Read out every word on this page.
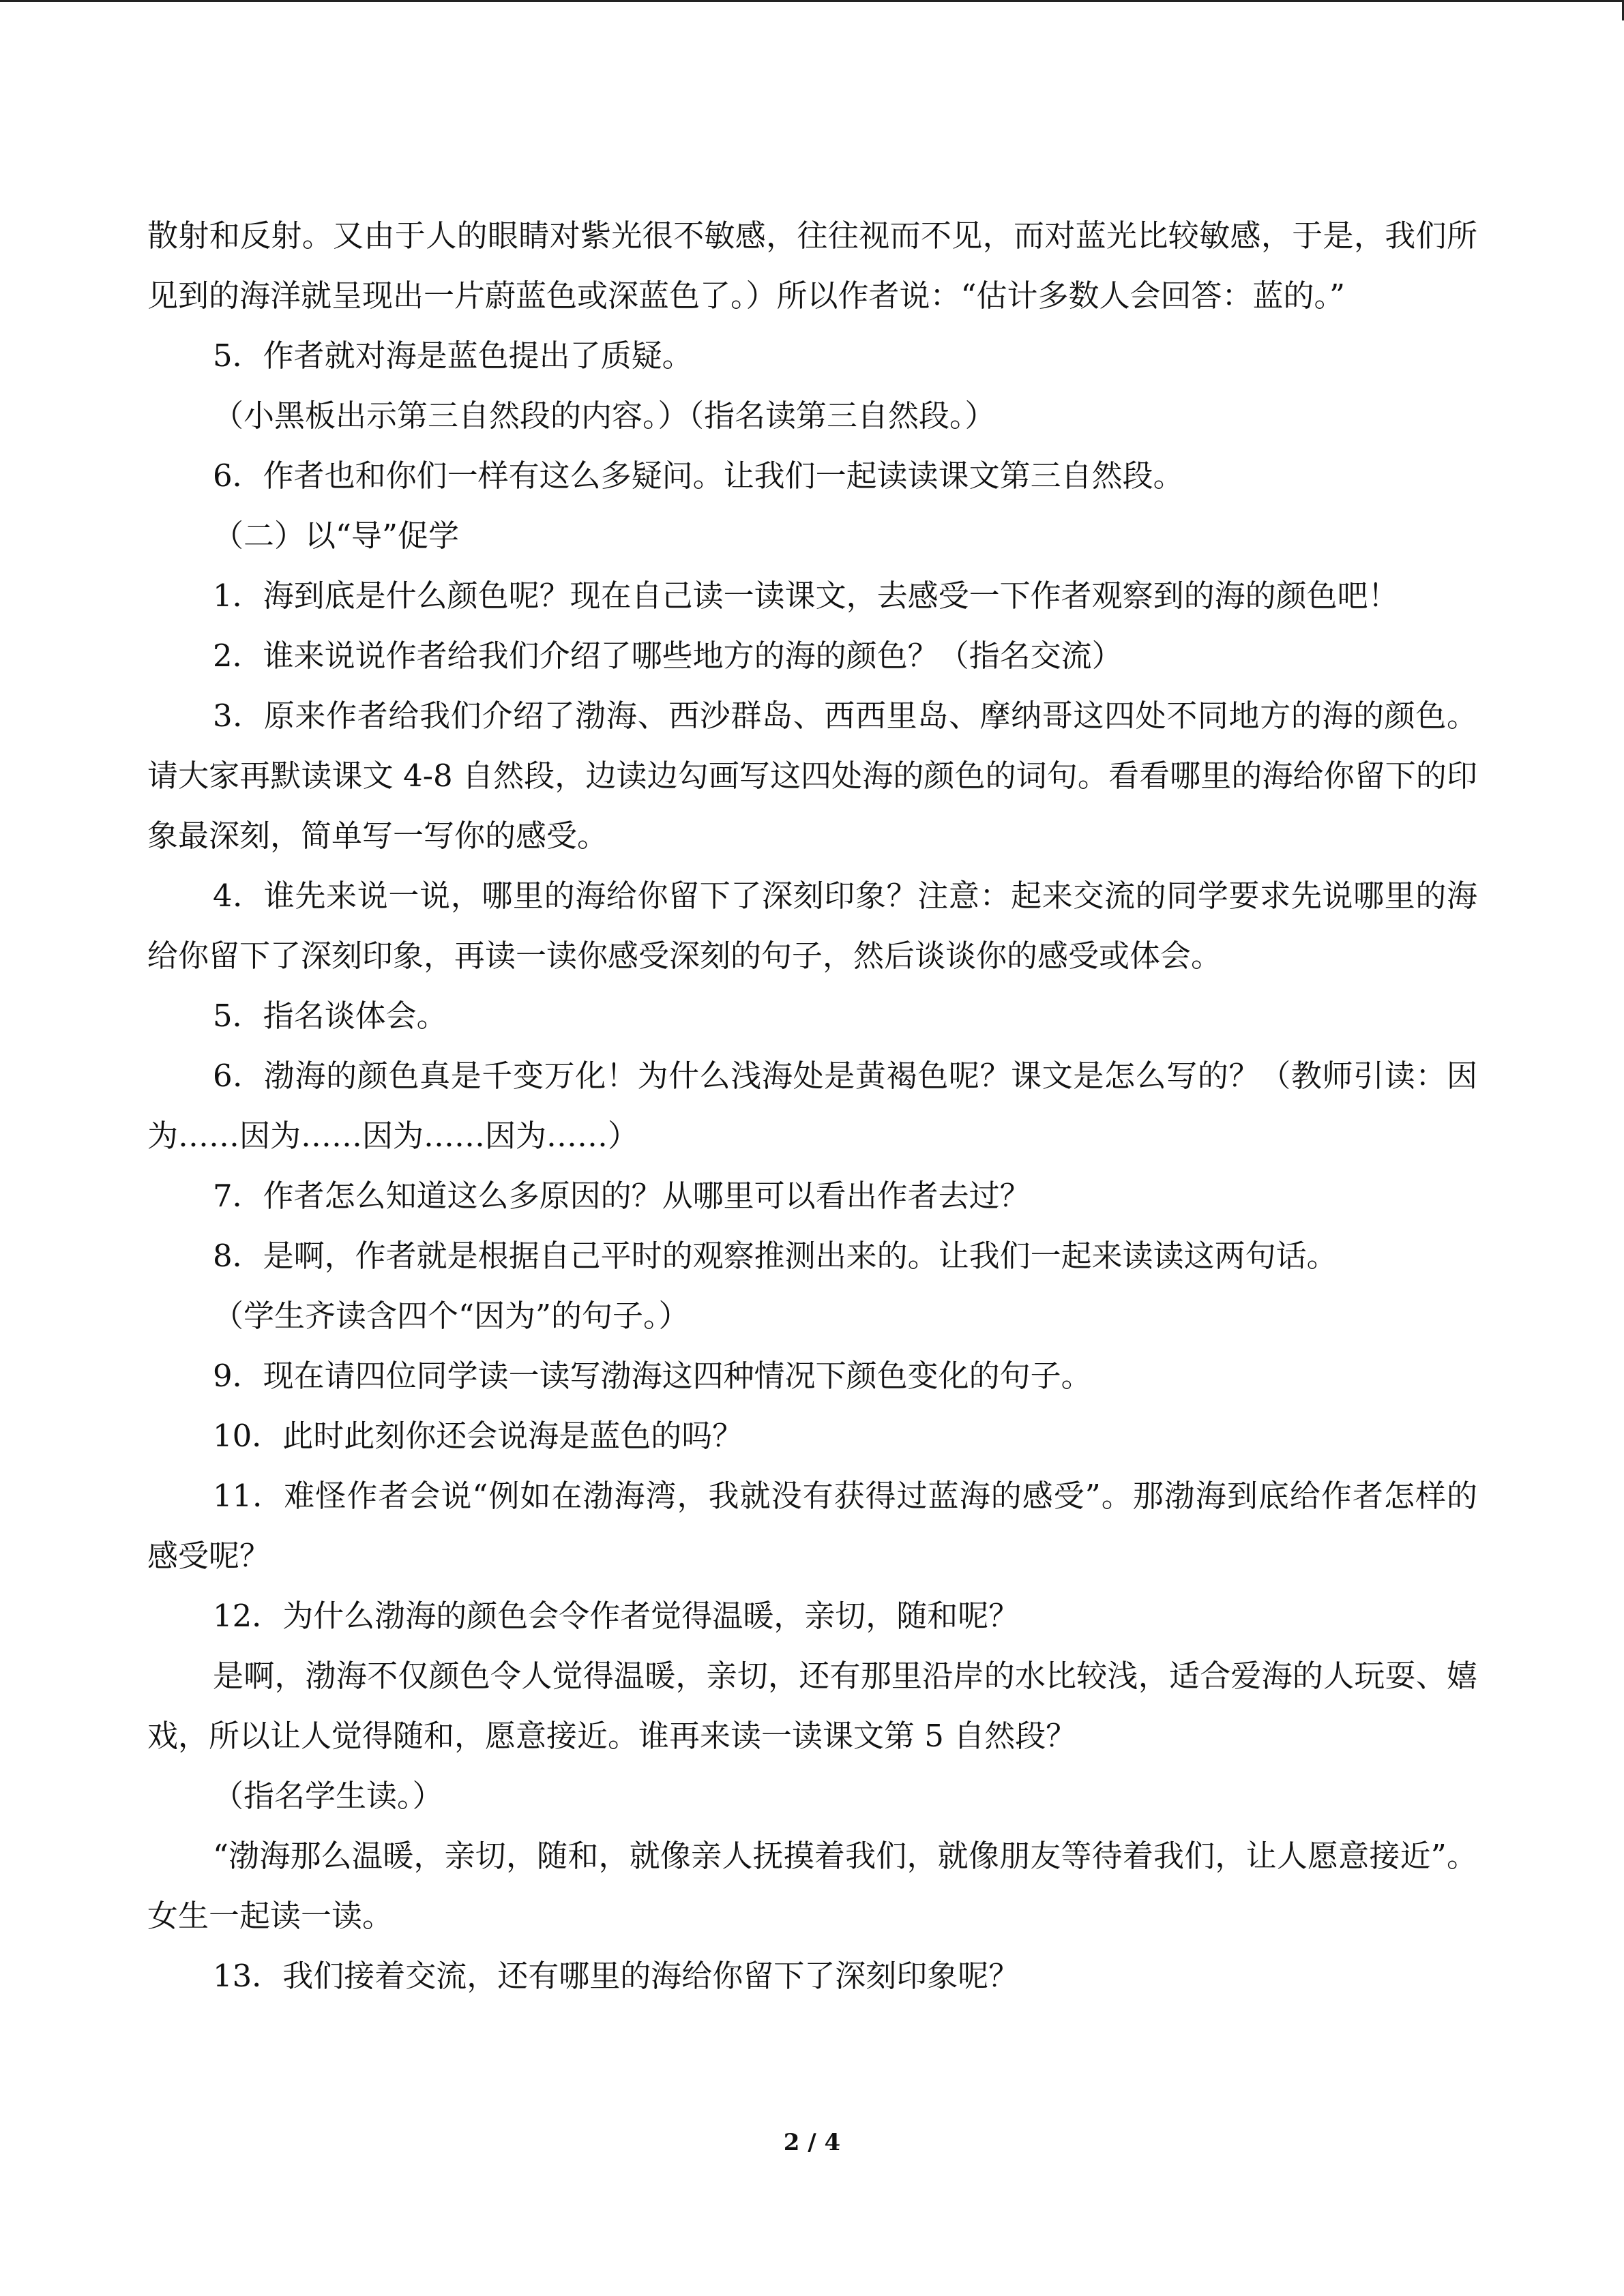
散射和反射。又由于人的眼睛对紫光很不敏感，往往视而不见，而对蓝光比较敏感，于是，我们所见到的海洋就呈现出一片蔚蓝色或深蓝色了。）所以作者说：“估计多数人会回答：蓝的。”

5．作者就对海是蓝色提出了质疑。

（小黑板出示第三自然段的内容。）（指名读第三自然段。）

6．作者也和你们一样有这么多疑问。让我们一起读读课文第三自然段。

（二）以“导”促学

1．海到底是什么颜色呢？现在自己读一读课文，去感受一下作者观察到的海的颜色吧！

2．谁来说说作者给我们介绍了哪些地方的海的颜色？（指名交流）

3．原来作者给我们介绍了渤海、西沙群岛、西西里岛、摩纳哥这四处不同地方的海的颜色。请大家再默读课文 4-8 自然段，边读边勾画写这四处海的颜色的词句。看看哪里的海给你留下的印象最深刻，简单写一写你的感受。

4．谁先来说一说，哪里的海给你留下了深刻印象？注意：起来交流的同学要求先说哪里的海给你留下了深刻印象，再读一读你感受深刻的句子，然后谈谈你的感受或体会。

5．指名谈体会。

6．渤海的颜色真是千变万化！为什么浅海处是黄褐色呢？课文是怎么写的？（教师引读：因为……因为……因为……因为……）

7．作者怎么知道这么多原因的？从哪里可以看出作者去过？

8．是啊，作者就是根据自己平时的观察推测出来的。让我们一起来读读这两句话。

（学生齐读含四个“因为”的句子。）

9．现在请四位同学读一读写渤海这四种情况下颜色变化的句子。

10．此时此刻你还会说海是蓝色的吗？

11．难怪作者会说“例如在渤海湾，我就没有获得过蓝海的感受”。那渤海到底给作者怎样的感受呢？

12．为什么渤海的颜色会令作者觉得温暖，亲切，随和呢？

是啊，渤海不仅颜色令人觉得温暖，亲切，还有那里沿岸的水比较浅，适合爱海的人玩耍、嬉戏，所以让人觉得随和，愿意接近。谁再来读一读课文第 5 自然段？

（指名学生读。）

“渤海那么温暖，亲切，随和，就像亲人抚摸着我们，就像朋友等待着我们，让人愿意接近”。女生一起读一读。

13．我们接着交流，还有哪里的海给你留下了深刻印象呢？

2 / 4
